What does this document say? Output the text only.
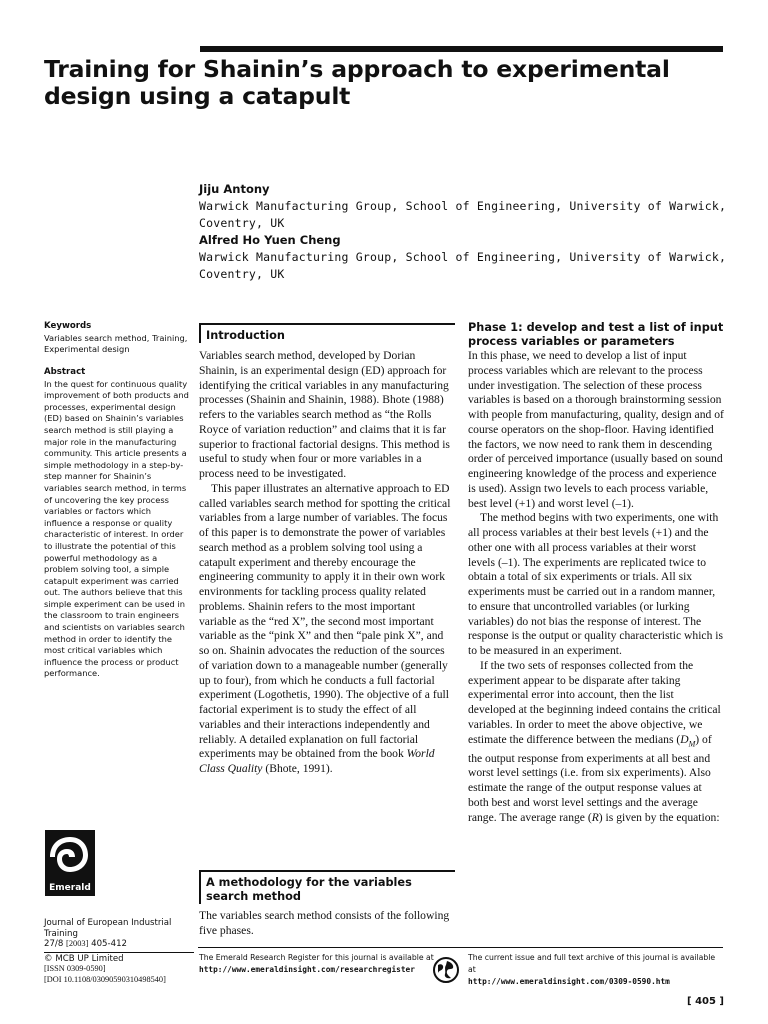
Training for Shainin’s approach to experimental design using a catapult
Jiju Antony
Warwick Manufacturing Group, School of Engineering, University of Warwick, Coventry, UK
Alfred Ho Yuen Cheng
Warwick Manufacturing Group, School of Engineering, University of Warwick, Coventry, UK
Keywords
Variables search method, Training, Experimental design
Abstract
In the quest for continuous quality improvement of both products and processes, experimental design (ED) based on Shainin’s variables search method is still playing a major role in the manufacturing community. This article presents a simple methodology in a step-by-step manner for Shainin’s variables search method, in terms of uncovering the key process variables or factors which influence a response or quality characteristic of interest. In order to illustrate the potential of this powerful methodology as a problem solving tool, a simple catapult experiment was carried out. The authors believe that this simple experiment can be used in the classroom to train engineers and scientists on variables search method in order to identify the most critical variables which influence the process or product performance.
Emerald
Journal of European Industrial Training
27/8 [2003] 405-412
© MCB UP Limited
[ISSN 0309-0590]
[DOI 10.1108/03090590310498540]
Introduction

Variables search method, developed by Dorian Shainin, is an experimental design (ED) approach for identifying the critical variables in any manufacturing processes (Shainin and Shainin, 1988). Bhote (1988) refers to the variables search method as “the Rolls Royce of variation reduction” and claims that it is far superior to fractional factorial designs. This method is useful to study when four or more variables in a process need to be investigated.

This paper illustrates an alternative approach to ED called variables search method for spotting the critical variables from a large number of variables. The focus of this paper is to demonstrate the power of variables search method as a problem solving tool using a catapult experiment and thereby encourage the engineering community to apply it in their own work environments for tackling process quality related problems. Shainin refers to the most important variable as the “red X”, the second most important variable as the “pink X” and then “pale pink X”, and so on. Shainin advocates the reduction of the sources of variation down to a manageable number (generally up to four), from which he conducts a full factorial experiment (Logothetis, 1990). The objective of a full factorial experiment is to study the effect of all variables and their interactions independently and reliably. A detailed explanation on full factorial experiments may be obtained from the book World Class Quality (Bhote, 1991).

A methodology for the variables search method

The variables search method consists of the following five phases.

Phase 1: develop and test a list of input process variables or parameters

In this phase, we need to develop a list of input process variables which are relevant to the process under investigation. The selection of these process variables is based on a thorough brainstorming session with people from manufacturing, quality, design and of course operators on the shop-floor. Having identified the factors, we now need to rank them in descending order of perceived importance (usually based on sound engineering knowledge of the process and experience is used). Assign two levels to each process variable, best level (+1) and worst level (–1).

The method begins with two experiments, one with all process variables at their best levels (+1) and the other one with all process variables at their worst levels (–1). The experiments are replicated twice to obtain a total of six experiments or trials. All six experiments must be carried out in a random manner, to ensure that uncontrolled variables (or lurking variables) do not bias the response of interest. The response is the output or quality characteristic which is to be measured in an experiment.

If the two sets of responses collected from the experiment appear to be disparate after taking experimental error into account, then the list developed at the beginning indeed contains the critical variables. In order to meet the above objective, we estimate the difference between the medians $(D_M)$ of the output response from experiments at all best and worst level settings (i.e. from six experiments). Also estimate the range of the output response values at both best and worst level settings and the average range. The average range (R) is given by the equation:

The Emerald Research Register for this journal is available at
http://www.emeraldinsight.com/researchregister
The current issue and full text archive of this journal is available at
http://www.emeraldinsight.com/0309-0590.htm
[ 405 ]
